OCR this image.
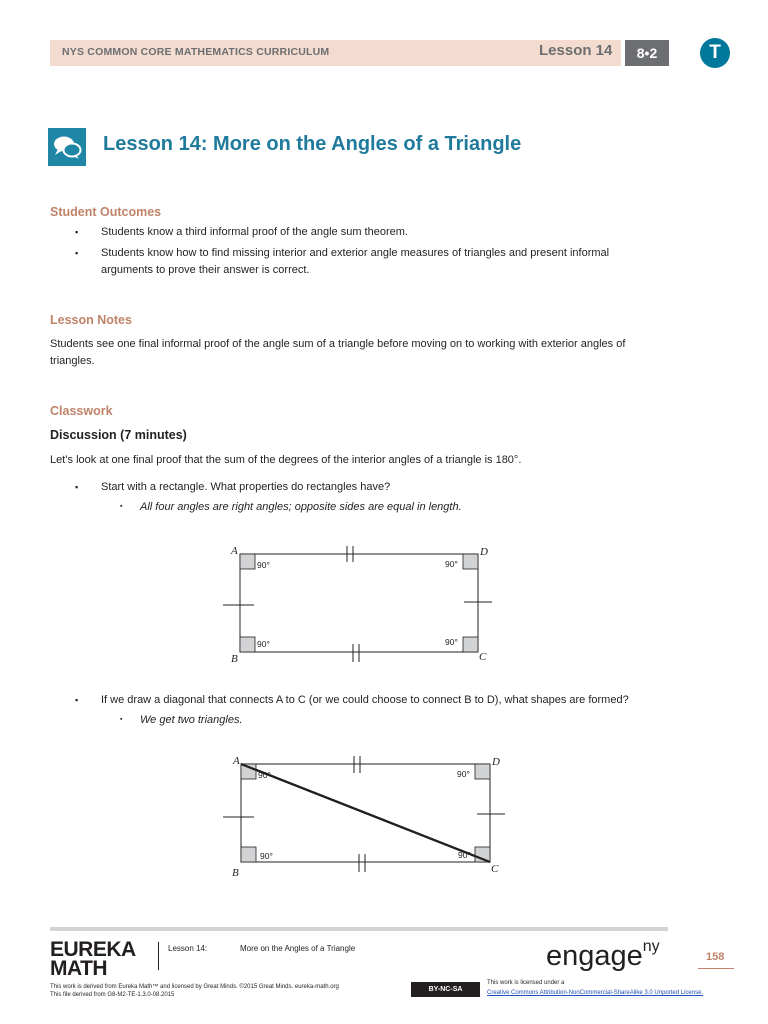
NYS COMMON CORE MATHEMATICS CURRICULUM	Lesson 14	8•2	T
Lesson 14: More on the Angles of a Triangle
Student Outcomes
▪ Students know a third informal proof of the angle sum theorem.
▪ Students know how to find missing interior and exterior angle measures of triangles and present informal
arguments to prove their answer is correct.
Lesson Notes
Students see one final informal proof of the angle sum of a triangle before moving on to working with exterior angles of
triangles.
Classwork
Discussion (7 minutes)
Let’s look at one final proof that the sum of the degrees of the interior angles of a triangle is 180°.
▪ Start with a rectangle. What properties do rectangles have?
▪ All four angles are right angles; opposite sides are equal in length.
A
B	C
D
90°	90°
90°	90°
▪ If we draw a diagonal that connects A to C (or we could choose to connect B to D), what shapes are formed?
▪ We get two triangles.
A
B	C
D
90°	90°
90°	90°
EUREKA
MATH
Lesson 14:	More on the Angles of a Triangle	engage$^{ny}$
158
This work is derived from Eureka Math™ and licensed by Great Minds. ©2015 Great Minds. eureka-math.org
This file derived from G8-M2-TE-1.3.0-08.2015
BY-NC-SA
This work is licensed under a
Creative Commons Attribution-NonCommercial-ShareAlike 3.0 Unported License.
